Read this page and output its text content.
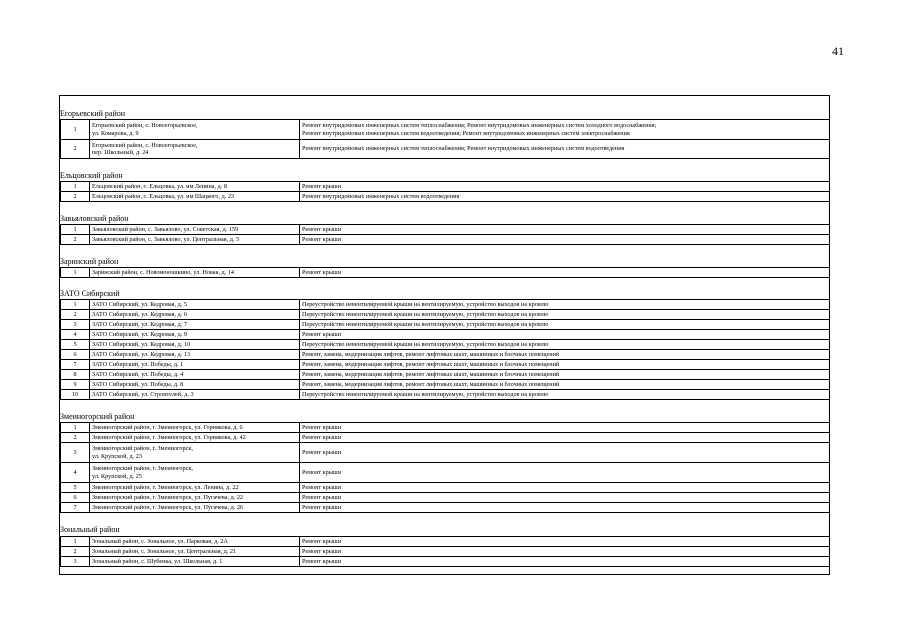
41
Егорьевский район
1	Егорьевский район, с. Новоегорьевское,
ул. Комарова, д. 9	Ремонт внутридомовых инженерных систем теплоснабжения; Ремонт внутридомовых инженерных систем холодного водоснабжения;
Ремонт внутридомовых инженерных систем водоотведения; Ремонт внутридомовых инженерных систем электроснабжения

2	Егорьевский район, с. Новоегорьевское,
пер. Школьный, д. 24	Ремонт внутридомовых инженерных систем теплоснабжения; Ремонт внутридомовых инженерных систем водоотведения
Ельцовский район
1	Ельцовский район, с. Ельцовка, ул. им Ленина, д. 8	Ремонт крыши

2	Ельцовский район, с. Ельцовка, ул. им Шацкого, д. 23	Ремонт внутридомовых инженерных систем водоотведения
Завьяловский район
1	Завьяловский район, с. Завьялово, ул. Советская, д. 159	Ремонт крыши

2	Завьяловский район, с. Завьялово, ул. Центральная, д. 5	Ремонт крыши
Заринский район
1	Заринский район, с. Новомоношкино, ул. Новая, д. 14	Ремонт крыши
ЗАТО Сибирский
1	ЗАТО Сибирский, ул. Кедровая, д. 5	Переустройство невентилируемой крыши на вентилируемую, устройство выходов на кровлю

2	ЗАТО Сибирский, ул. Кедровая, д. 6	Переустройство невентилируемой крыши на вентилируемую, устройство выходов на кровлю

3	ЗАТО Сибирский, ул. Кедровая, д. 7	Переустройство невентилируемой крыши на вентилируемую, устройство выходов на кровлю

4	ЗАТО Сибирский, ул. Кедровая, д. 9	Ремонт крыши

5	ЗАТО Сибирский, ул. Кедровая, д. 10	Переустройство невентилируемой крыши на вентилируемую, устройство выходов на кровлю

6	ЗАТО Сибирский, ул. Кедровая, д. 13	Ремонт, замена, модернизация лифтов, ремонт лифтовых шахт, машинных и блочных помещений

7	ЗАТО Сибирский, ул. Победы, д. 1	Ремонт, замена, модернизация лифтов, ремонт лифтовых шахт, машинных и блочных помещений

8	ЗАТО Сибирский, ул. Победы, д. 4	Ремонт, замена, модернизация лифтов, ремонт лифтовых шахт, машинных и блочных помещений

9	ЗАТО Сибирский, ул. Победы, д. 8	Ремонт, замена, модернизация лифтов, ремонт лифтовых шахт, машинных и блочных помещений

10	ЗАТО Сибирский, ул. Строителей, д. 3	Переустройство невентилируемой крыши на вентилируемую, устройство выходов на кровлю
Змеиногорский район
1	Змеиногорский район, г. Змеиногорск, ул. Горнякова, д. 6	Ремонт крыши

2	Змеиногорский район, г. Змеиногорск, ул. Горнякова, д. 42	Ремонт крыши

3	Змеиногорский район, г. Змеиногорск,
ул. Крупской, д. 23	Ремонт крыши

4	Змеиногорский район, г. Змеиногорск,
ул. Крупской, д. 25	Ремонт крыши

5	Змеиногорский район, г. Змеиногорск, ул. Ленина, д. 22	Ремонт крыши

6	Змеиногорский район, г. Змеиногорск, ул. Пугачева, д. 22	Ремонт крыши

7	Змеиногорский район, г. Змеиногорск, ул. Пугачева, д. 26	Ремонт крыши
Зональный район
1	Зональный район, с. Зональное, ул. Парковая, д. 2А	Ремонт крыши

2	Зональный район, с. Зональное, ул. Центральная, д. 21	Ремонт крыши

3	Зональный район, с. Шубенка, ул. Школьная, д. 1	Ремонт крыши
